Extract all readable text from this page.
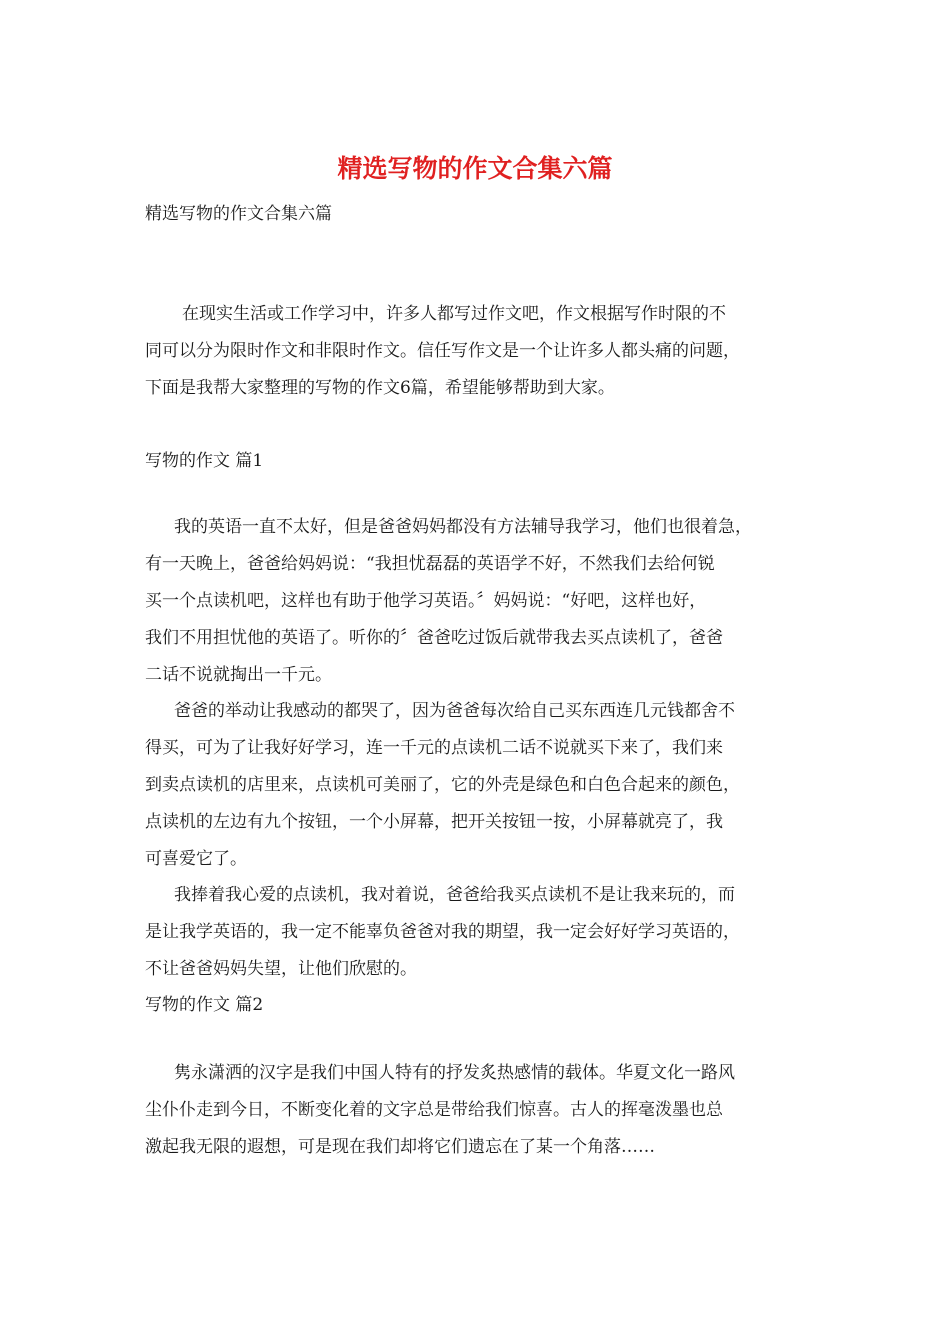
精选写物的作文合集六篇
精选写物的作文合集六篇
在现实生活或工作学习中，许多人都写过作文吧，作文根据写作时限的不
同可以分为限时作文和非限时作文。信任写作文是一个让许多人都头痛的问题，
下面是我帮大家整理的写物的作文6篇，希望能够帮助到大家。
写物的作文 篇1
我的英语一直不太好，但是爸爸妈妈都没有方法辅导我学习，他们也很着急，
有一天晚上，爸爸给妈妈说：“我担忧磊磊的英语学不好，不然我们去给何锐
买一个点读机吧，这样也有助于他学习英语。〞妈妈说：“好吧，这样也好，
我们不用担忧他的英语了。听你的〞爸爸吃过饭后就带我去买点读机了，爸爸
二话不说就掏出一千元。
爸爸的举动让我感动的都哭了，因为爸爸每次给自己买东西连几元钱都舍不
得买，可为了让我好好学习，连一千元的点读机二话不说就买下来了，我们来
到卖点读机的店里来，点读机可美丽了，它的外壳是绿色和白色合起来的颜色，
点读机的左边有九个按钮，一个小屏幕，把开关按钮一按，小屏幕就亮了，我
可喜爱它了。
我捧着我心爱的点读机，我对着说，爸爸给我买点读机不是让我来玩的，而
是让我学英语的，我一定不能辜负爸爸对我的期望，我一定会好好学习英语的，
不让爸爸妈妈失望，让他们欣慰的。
写物的作文 篇2
隽永潇洒的汉字是我们中国人特有的抒发炙热感情的载体。华夏文化一路风
尘仆仆走到今日，不断变化着的文字总是带给我们惊喜。古人的挥毫泼墨也总
激起我无限的遐想，可是现在我们却将它们遗忘在了某一个角落……
